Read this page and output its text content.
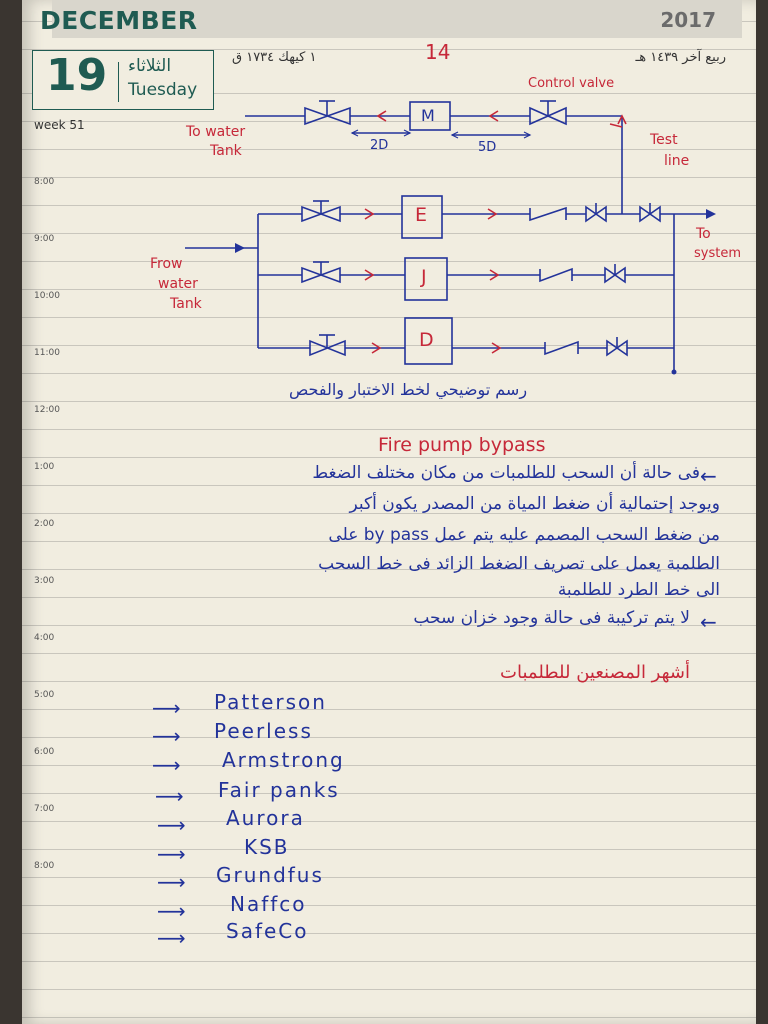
DECEMBER	2017
19 الثلاثاء
Tuesday
week 51
١ كيهك ١٧٣٤ ق	ربيع آخر ١٤٣٩ هـ
14
8:00
9:00
10:00
11:00
12:00
1:00
2:00
3:00
4:00
5:00
6:00
7:00
8:00
Control valve
To water
Tank
Test
line
2D	5D
M
Frow
water
Tank
To
system
E
J
D
رسم توضيحي لخط الاختبار والفحص
Fire pump bypass
←
فى حالة أن السحب للطلمبات من مكان مختلف الضغط
ويوجد إحتمالية أن ضغط المياة من المصدر يكون أكبر
من ضغط السحب المصمم عليه يتم عمل by pass على
الطلمبة يعمل على تصريف الضغط الزائد فى خط السحب
الى خط الطرد للطلمبة
←
لا يتم تركيبة فى حالة وجود خزان سحب
أشهر المصنعين للطلمبات
⟶ Patterson
⟶ Peerless
⟶ Armstrong
⟶ Fair panks
⟶ Aurora
⟶	KSB
⟶ Grundfus
⟶ Naffco
⟶ SafeCo
